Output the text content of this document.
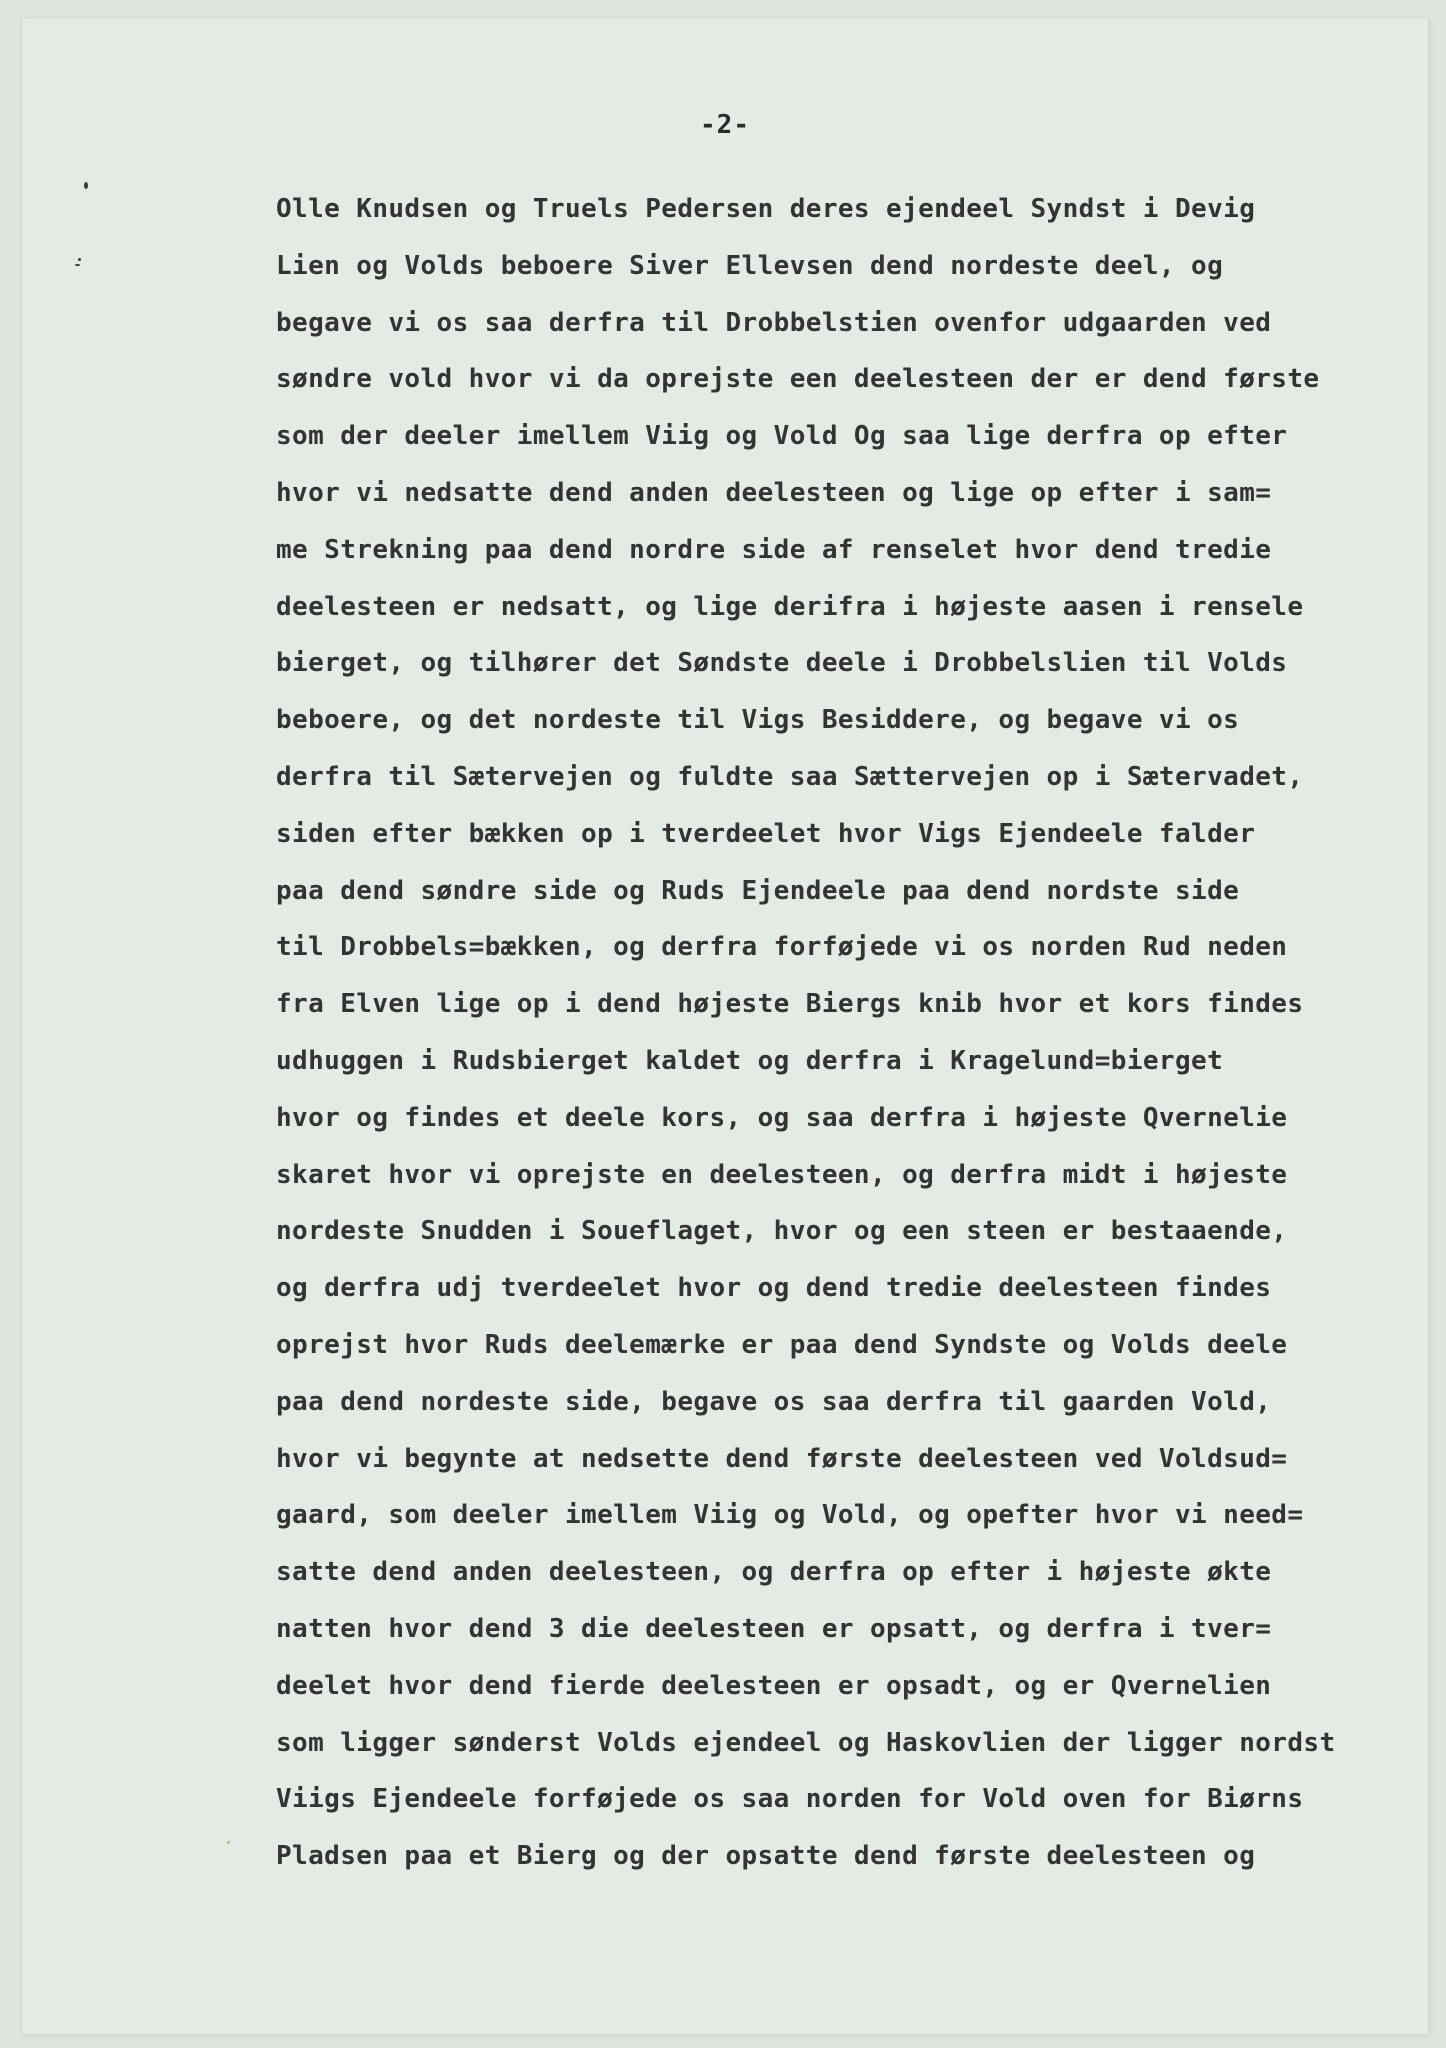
-2-
Olle Knudsen og Truels Pedersen deres ejendeel Syndst i Devig
Lien og Volds beboere Siver Ellevsen dend nordeste deel, og
begave vi os saa derfra til Drobbelstien ovenfor udgaarden ved
søndre vold hvor vi da oprejste een deelesteen der er dend første
som der deeler imellem Viig og Vold Og saa lige derfra op efter
hvor vi nedsatte dend anden deelesteen og lige op efter i sam=
me Strekning paa dend nordre side af renselet hvor dend tredie
deelesteen er nedsatt, og lige derifra i højeste aasen i rensele
bierget, og tilhører det Søndste deele i Drobbelslien til Volds
beboere, og det nordeste til Vigs Besiddere, og begave vi os
derfra til Sætervejen og fuldte saa Sættervejen op i Sætervadet,
siden efter bækken op i tverdeelet hvor Vigs Ejendeele falder
paa dend søndre side og Ruds Ejendeele paa dend nordste side
til Drobbels=bækken, og derfra forføjede vi os norden Rud neden
fra Elven lige op i dend højeste Biergs knib hvor et kors findes
udhuggen i Rudsbierget kaldet og derfra i Kragelund=bierget
hvor og findes et deele kors, og saa derfra i højeste Qvernelie
skaret hvor vi oprejste en deelesteen, og derfra midt i højeste
nordeste Snudden i Soueflaget, hvor og een steen er bestaaende,
og derfra udj tverdeelet hvor og dend tredie deelesteen findes
oprejst hvor Ruds deelemærke er paa dend Syndste og Volds deele
paa dend nordeste side, begave os saa derfra til gaarden Vold,
hvor vi begynte at nedsette dend første deelesteen ved Voldsud=
gaard, som deeler imellem Viig og Vold, og opefter hvor vi need=
satte dend anden deelesteen, og derfra op efter i højeste økte
natten hvor dend 3 die deelesteen er opsatt, og derfra i tver=
deelet hvor dend fierde deelesteen er opsadt, og er Qvernelien
som ligger sønderst Volds ejendeel og Haskovlien der ligger nordst
Viigs Ejendeele forføjede os saa norden for Vold oven for Biørns
Pladsen paa et Bierg og der opsatte dend første deelesteen og
